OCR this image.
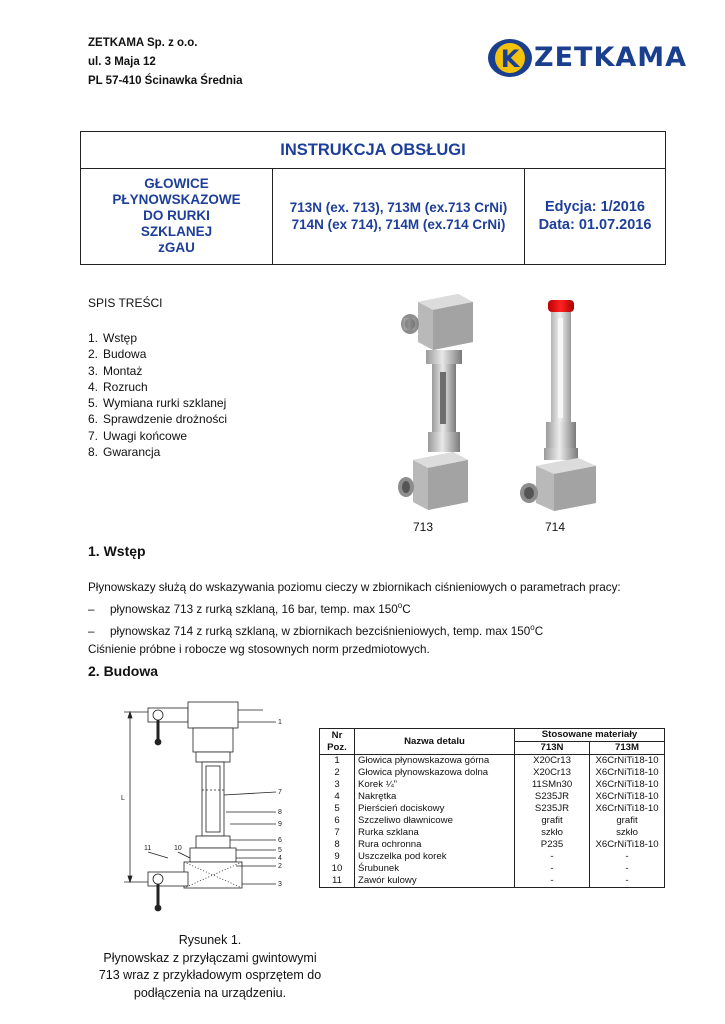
ZETKAMA Sp. z o.o.
ul. 3 Maja 12
PL 57-410 Ścinawka Średnia
K ZETKAMA
INSTRUKCJA OBSŁUGI
GŁOWICE
PŁYNOWSKAZOWE
DO RURKI
SZKLANEJ
zGAU
713N (ex. 713), 713M (ex.713 CrNi)
714N (ex 714), 714M (ex.714 CrNi)
Edycja: 1/2016
Data: 01.07.2016
SPIS TREŚCI
1. Wstęp
2. Budowa
3. Montaż
4. Rozruch
5. Wymiana rurki szklanej
6. Sprawdzenie drożności
7. Uwagi końcowe
8. Gwarancja
713	714
1. Wstęp
Płynowskazy służą do wskazywania poziomu cieczy w zbiornikach ciśnieniowych o parametrach pracy:
– płynowskaz 713 z rurką szklaną, 16 bar, temp. max 150$^o$C
– płynowskaz 714 z rurką szklaną, w zbiornikach bezciśnieniowych, temp. max 150$^o$C
Ciśnienie próbne i robocze wg stosownych norm przedmiotowych.
2. Budowa
1
7
8
9
6
5
4
2
3
11	10
L
Rysunek 1.
Płynowskaz z przyłączami gwintowymi
713 wraz z przykładowym osprzętem do
podłączenia na urządzeniu.
Nr
Poz.	Nazwa detalu	Stosowane materiały	
		713N	713M
1	Głowica płynowskazowa górna	X20Cr13	X6CrNiTi18-10
2	Głowica płynowskazowa dolna	X20Cr13	X6CrNiTi18-10
3	Korek ¼”	11SMn30	X6CrNiTi18-10
4	Nakrętka	S235JR	X6CrNiTi18-10
5	Pierścień dociskowy	S235JR	X6CrNiTi18-10
6	Szczeliwo dławnicowe	grafit	grafit
7	Rurka szklana	szkło	szkło
8	Rura ochronna	P235	X6CrNiTi18-10
9	Uszczelka pod korek	-	-
10	Śrubunek	-	-
11	Zawór kulowy	-	-
